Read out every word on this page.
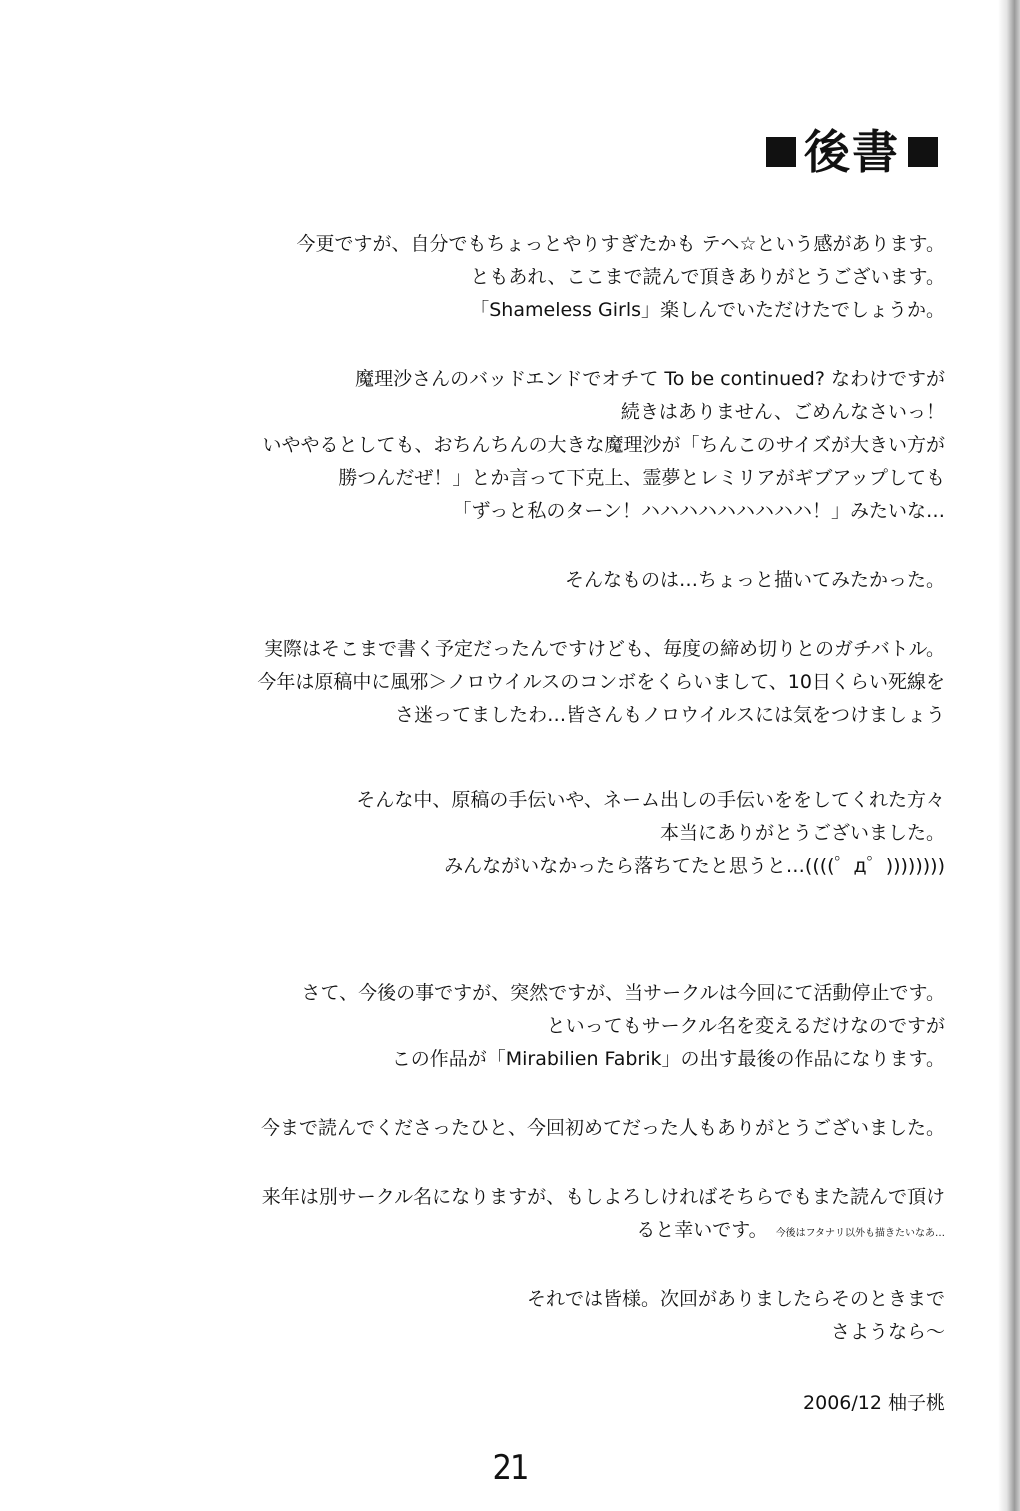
後書
今更ですが、自分でもちょっとやりすぎたかも テヘ☆という感があります。
ともあれ、ここまで読んで頂きありがとうございます。
「Shameless Girls」楽しんでいただけたでしょうか。
魔理沙さんのバッドエンドでオチて To be continued? なわけですが
続きはありません、ごめんなさいっ！
いややるとしても、おちんちんの大きな魔理沙が「ちんこのサイズが大きい方が
勝つんだぜ！」とか言って下克上、霊夢とレミリアがギブアップしても
「ずっと私のターン！ハハハハハハハハハ！」みたいな…
そんなものは…ちょっと描いてみたかった。
実際はそこまで書く予定だったんですけども、毎度の締め切りとのガチバトル。
今年は原稿中に風邪＞ノロウイルスのコンボをくらいまして、10日くらい死線を
さ迷ってましたわ…皆さんもノロウイルスには気をつけましょう
そんな中、原稿の手伝いや、ネーム出しの手伝いををしてくれた方々
本当にありがとうございました。
みんながいなかったら落ちてたと思うと…((((゜д゜))))))))
さて、今後の事ですが、突然ですが、当サークルは今回にて活動停止です。
といってもサークル名を変えるだけなのですが
この作品が「Mirabilien Fabrik」の出す最後の作品になります。
今まで読んでくださったひと、今回初めてだった人もありがとうございました。
来年は別サークル名になりますが、もしよろしければそちらでもまた読んで頂け
ると幸いです。 今後はフタナリ以外も描きたいなあ…
それでは皆様。次回がありましたらそのときまで
さようなら～
2006/12 柚子桃
21
